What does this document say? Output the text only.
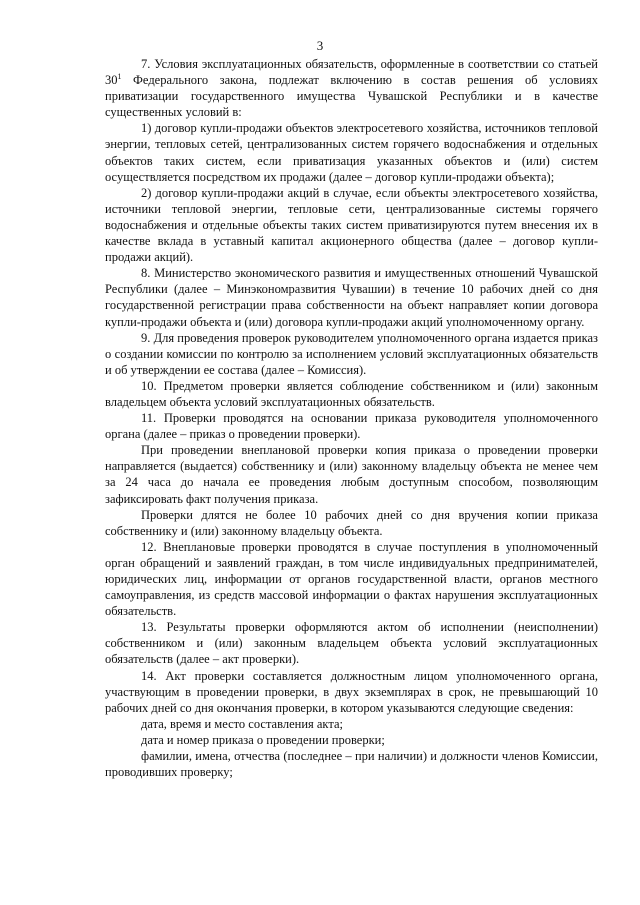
3

7. Условия эксплуатационных обязательств, оформленные в соответствии со статьей $30^1$ Федерального закона, подлежат включению в состав решения об условиях приватизации государственного имущества Чувашской Республики и в качестве существенных условий в:

1) договор купли-продажи объектов электросетевого хозяйства, источников тепловой энергии, тепловых сетей, централизованных систем горячего водоснабжения и отдельных объектов таких систем, если приватизация указанных объектов и (или) систем осуществляется посредством их продажи (далее – договор купли-продажи объекта);

2) договор купли-продажи акций в случае, если объекты электросетевого хозяйства, источники тепловой энергии, тепловые сети, централизованные системы горячего водоснабжения и отдельные объекты таких систем приватизируются путем внесения их в качестве вклада в уставный капитал акционерного общества (далее – договор купли-продажи акций).

8. Министерство экономического развития и имущественных отношений Чувашской Республики (далее – Минэкономразвития Чувашии) в течение 10 рабочих дней со дня государственной регистрации права собственности на объект направляет копии договора купли-продажи объекта и (или) договора купли-продажи акций уполномоченному органу.

9. Для проведения проверок руководителем уполномоченного органа издается приказ о создании комиссии по контролю за исполнением условий эксплуатационных обязательств и об утверждении ее состава (далее – Комиссия).

10. Предметом проверки является соблюдение собственником и (или) законным владельцем объекта условий эксплуатационных обязательств.

11. Проверки проводятся на основании приказа руководителя уполномоченного органа (далее – приказ о проведении проверки).

При проведении внеплановой проверки копия приказа о проведении проверки направляется (выдается) собственнику и (или) законному владельцу объекта не менее чем за 24 часа до начала ее проведения любым доступным способом, позволяющим зафиксировать факт получения приказа.

Проверки длятся не более 10 рабочих дней со дня вручения копии приказа собственнику и (или) законному владельцу объекта.

12. Внеплановые проверки проводятся в случае поступления в уполномоченный орган обращений и заявлений граждан, в том числе индивидуальных предпринимателей, юридических лиц, информации от органов государственной власти, органов местного самоуправления, из средств массовой информации о фактах нарушения эксплуатационных обязательств.

13. Результаты проверки оформляются актом об исполнении (неисполнении) собственником и (или) законным владельцем объекта условий эксплуатационных обязательств (далее – акт проверки).

14. Акт проверки составляется должностным лицом уполномоченного органа, участвующим в проведении проверки, в двух экземплярах в срок, не превышающий 10 рабочих дней со дня окончания проверки, в котором указываются следующие сведения:

дата, время и место составления акта;

дата и номер приказа о проведении проверки;

фамилии, имена, отчества (последнее – при наличии) и должности членов Комиссии, проводивших проверку;
